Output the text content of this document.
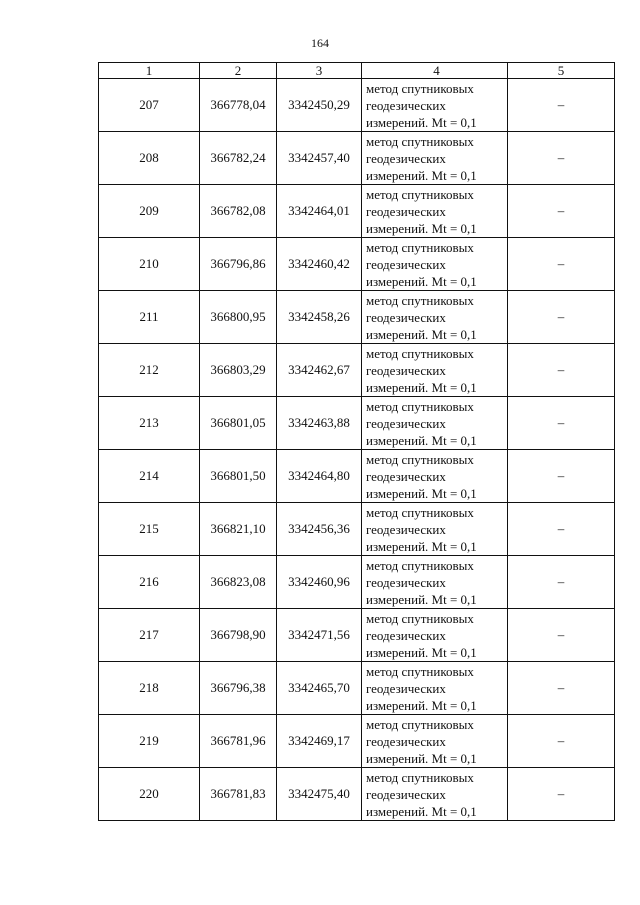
164
1	2	3	4	5
207	366778,04	3342450,29	метод спутниковых
геодезических
измерений. Mt = 0,1	–
208	366782,24	3342457,40	метод спутниковых
геодезических
измерений. Mt = 0,1	–
209	366782,08	3342464,01	метод спутниковых
геодезических
измерений. Mt = 0,1	–
210	366796,86	3342460,42	метод спутниковых
геодезических
измерений. Mt = 0,1	–
211	366800,95	3342458,26	метод спутниковых
геодезических
измерений. Mt = 0,1	–
212	366803,29	3342462,67	метод спутниковых
геодезических
измерений. Mt = 0,1	–
213	366801,05	3342463,88	метод спутниковых
геодезических
измерений. Mt = 0,1	–
214	366801,50	3342464,80	метод спутниковых
геодезических
измерений. Mt = 0,1	–
215	366821,10	3342456,36	метод спутниковых
геодезических
измерений. Mt = 0,1	–
216	366823,08	3342460,96	метод спутниковых
геодезических
измерений. Mt = 0,1	–
217	366798,90	3342471,56	метод спутниковых
геодезических
измерений. Mt = 0,1	–
218	366796,38	3342465,70	метод спутниковых
геодезических
измерений. Mt = 0,1	–
219	366781,96	3342469,17	метод спутниковых
геодезических
измерений. Mt = 0,1	–
220	366781,83	3342475,40	метод спутниковых
геодезических
измерений. Mt = 0,1	–
